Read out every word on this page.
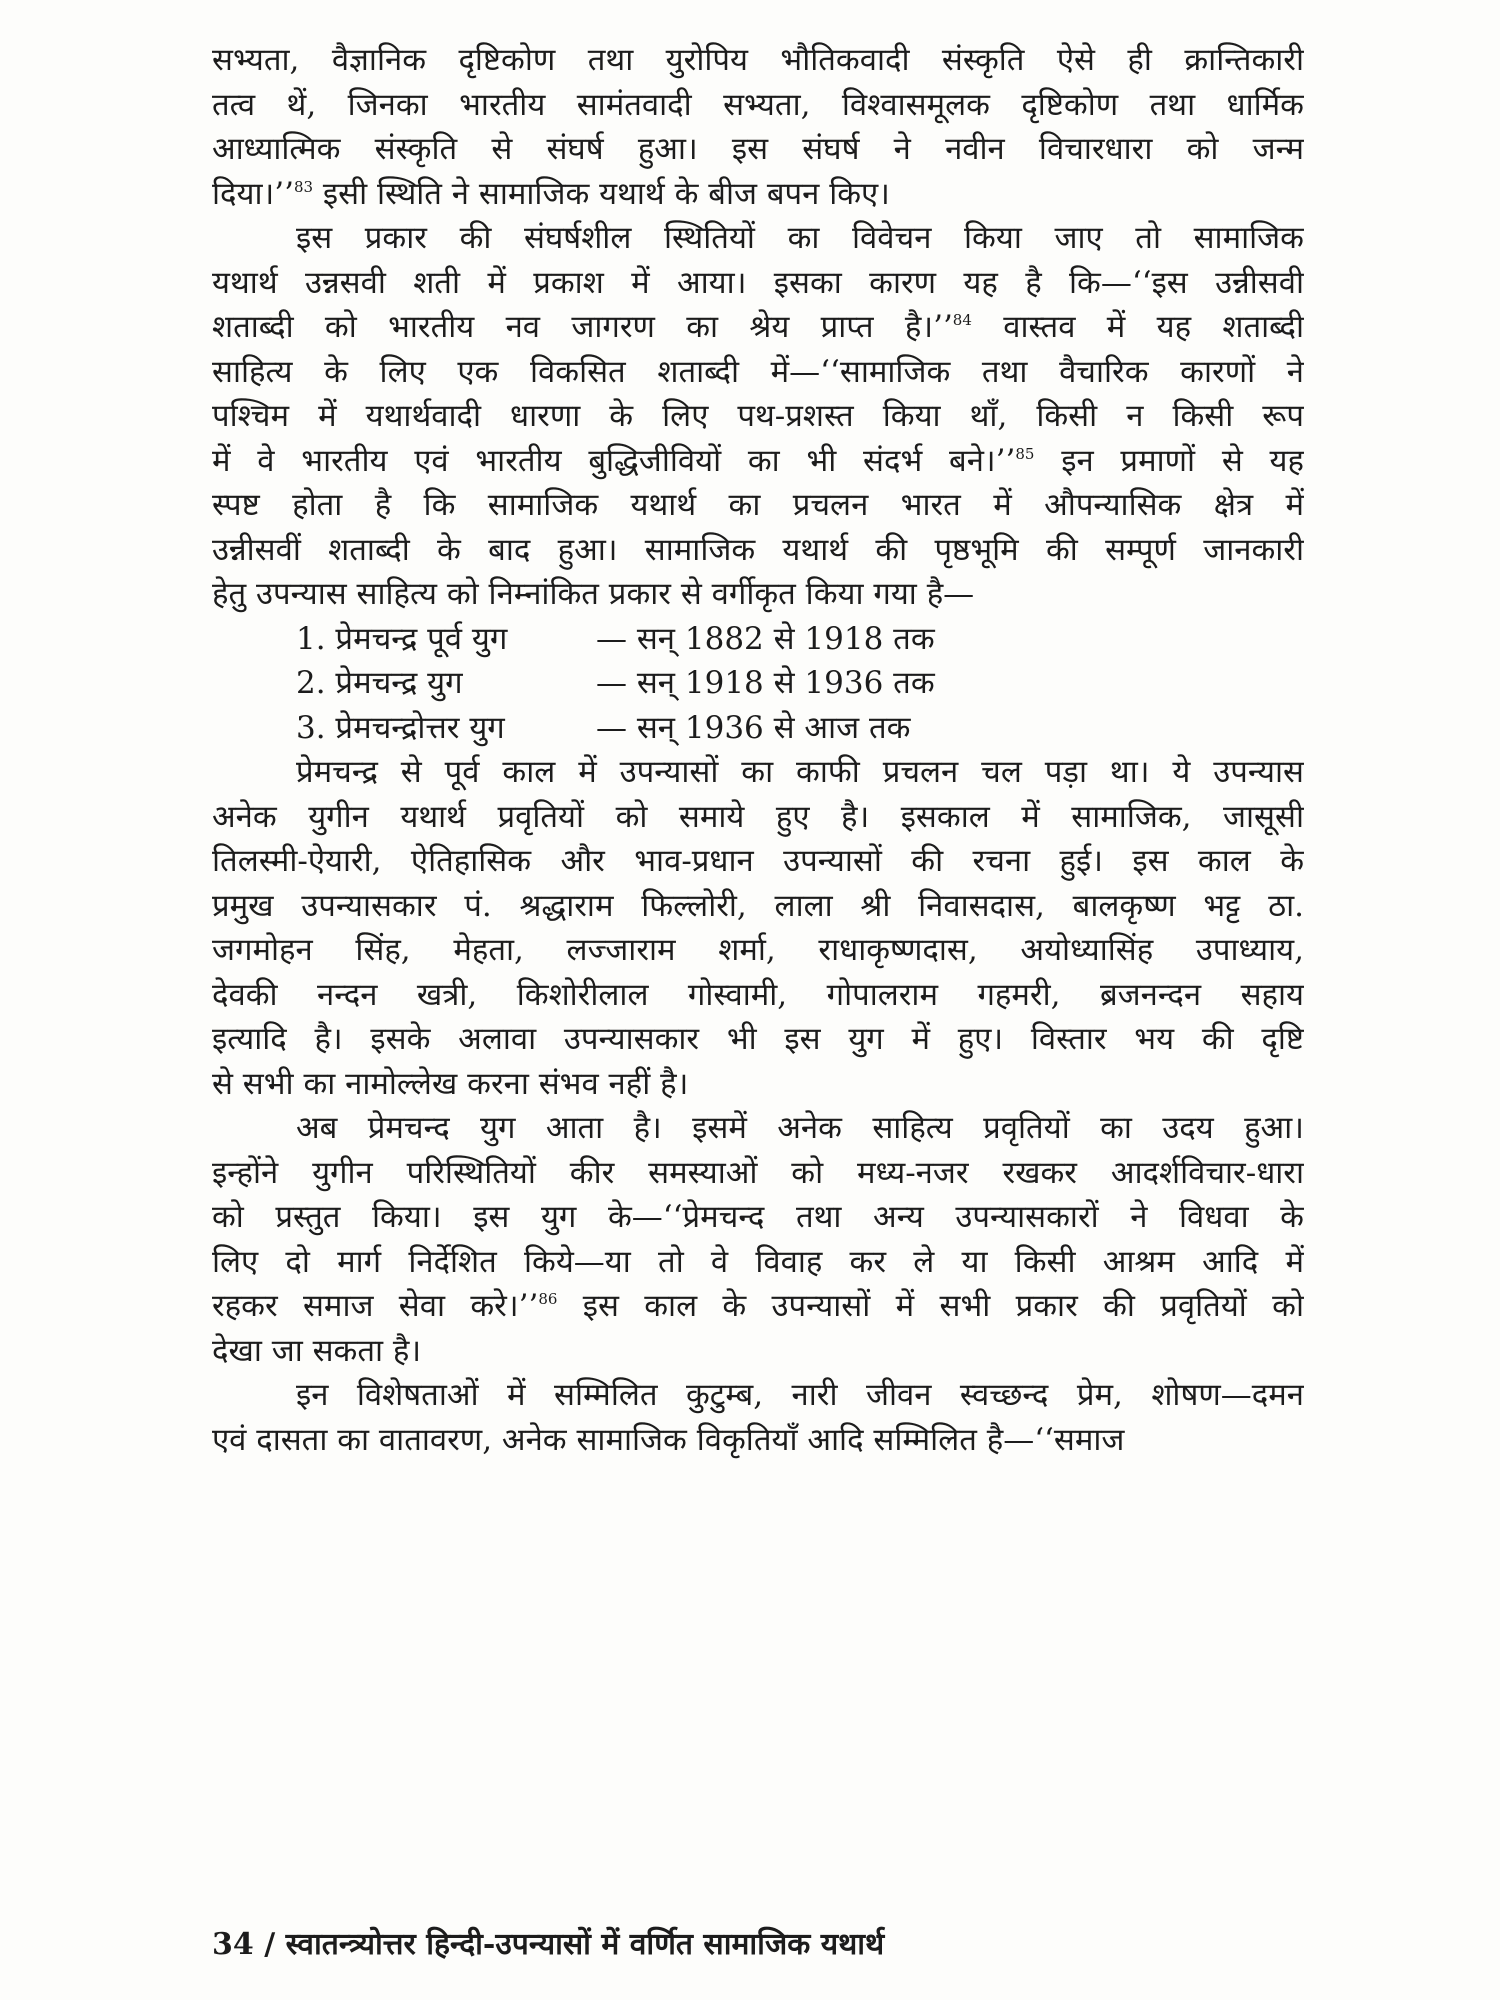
सभ्यता, वैज्ञानिक दृष्टिकोण तथा युरोपिय भौतिकवादी संस्कृति ऐसे ही क्रान्तिकारी
तत्व थें, जिनका भारतीय सामंतवादी सभ्यता, विश्वासमूलक दृष्टिकोण तथा धार्मिक
आध्यात्मिक संस्कृति से संघर्ष हुआ। इस संघर्ष ने नवीन विचारधारा को जन्म
दिया।’’$^{83}$ इसी स्थिति ने सामाजिक यथार्थ के बीज बपन किए।
इस प्रकार की संघर्षशील स्थितियों का विवेचन किया जाए तो सामाजिक
यथार्थ उन्नसवी शती में प्रकाश में आया। इसका कारण यह है कि—‘‘इस उन्नीसवी
शताब्दी को भारतीय नव जागरण का श्रेय प्राप्त है।’’$^{84}$ वास्तव में यह शताब्दी
साहित्य के लिए एक विकसित शताब्दी में—‘‘सामाजिक तथा वैचारिक कारणों ने
पश्चिम में यथार्थवादी धारणा के लिए पथ-प्रशस्त किया थाँ, किसी न किसी रूप
में वे भारतीय एवं भारतीय बुद्धिजीवियों का भी संदर्भ बने।’’$^{85}$ इन प्रमाणों से यह
स्पष्ट होता है कि सामाजिक यथार्थ का प्रचलन भारत में औपन्यासिक क्षेत्र में
उन्नीसवीं शताब्दी के बाद हुआ। सामाजिक यथार्थ की पृष्ठभूमि की सम्पूर्ण जानकारी
हेतु उपन्यास साहित्य को निम्नांकित प्रकार से वर्गीकृत किया गया है—
1. प्रेमचन्द्र पूर्व युग	— सन् 1882 से 1918 तक
2. प्रेमचन्द्र युग	— सन् 1918 से 1936 तक
3. प्रेमचन्द्रोत्तर युग	— सन् 1936 से आज तक
प्रेमचन्द्र से पूर्व काल में उपन्यासों का काफी प्रचलन चल पड़ा था। ये उपन्यास
अनेक युगीन यथार्थ प्रवृतियों को समाये हुए है। इसकाल में सामाजिक, जासूसी
तिलस्मी-ऐयारी, ऐतिहासिक और भाव-प्रधान उपन्यासों की रचना हुई। इस काल के
प्रमुख उपन्यासकार पं. श्रद्धाराम फिल्लोरी, लाला श्री निवासदास, बालकृष्ण भट्ट ठा.
जगमोहन सिंह, मेहता, लज्जाराम शर्मा, राधाकृष्णदास, अयोध्यासिंह उपाध्याय,
देवकी नन्दन खत्री, किशोरीलाल गोस्वामी, गोपालराम गहमरी, ब्रजनन्दन सहाय
इत्यादि है। इसके अलावा उपन्यासकार भी इस युग में हुए। विस्तार भय की दृष्टि
से सभी का नामोल्लेख करना संभव नहीं है।
अब प्रेमचन्द युग आता है। इसमें अनेक साहित्य प्रवृतियों का उदय हुआ।
इन्होंने युगीन परिस्थितियों कीर समस्याओं को मध्य-नजर रखकर आदर्शविचार-धारा
को प्रस्तुत किया। इस युग के—‘‘प्रेमचन्द तथा अन्य उपन्यासकारों ने विधवा के
लिए दो मार्ग निर्देशित किये—या तो वे विवाह कर ले या किसी आश्रम आदि में
रहकर समाज सेवा करे।’’$^{86}$ इस काल के उपन्यासों में सभी प्रकार की प्रवृतियों को
देखा जा सकता है।
इन विशेषताओं में सम्मिलित कुटुम्ब, नारी जीवन स्वच्छन्द प्रेम, शोषण—दमन
एवं दासता का वातावरण, अनेक सामाजिक विकृतियाँ आदि सम्मिलित है—‘‘समाज
34 / स्वातन्त्र्योत्तर हिन्दी-उपन्यासों में वर्णित सामाजिक यथार्थ
